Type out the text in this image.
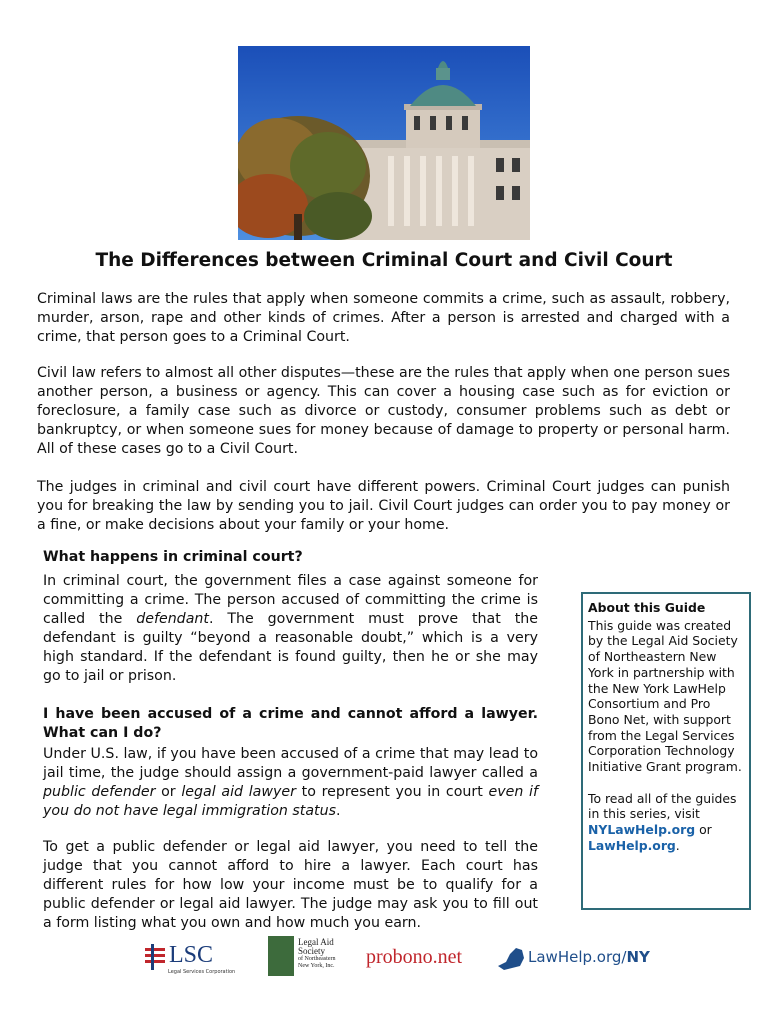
The Differences between Criminal Court and Civil Court

Criminal laws are the rules that apply when someone commits a crime, such as assault, robbery, murder, arson, rape and other kinds of crimes. After a person is arrested and charged with a crime, that person goes to a Criminal Court.

Civil law refers to almost all other disputes—these are the rules that apply when one person sues another person, a business or agency. This can cover a housing case such as for eviction or foreclosure, a family case such as divorce or custody, consumer problems such as debt or bankruptcy, or when someone sues for money because of damage to property or personal harm. All of these cases go to a Civil Court.

The judges in criminal and civil court have different powers. Criminal Court judges can punish you for breaking the law by sending you to jail. Civil Court judges can order you to pay money or a fine, or make decisions about your family or your home.

What happens in criminal court?

In criminal court, the government files a case against someone for committing a crime. The person accused of committing the crime is called the defendant. The government must prove that the defendant is guilty “beyond a reasonable doubt,” which is a very high standard. If the defendant is found guilty, then he or she may go to jail or prison.

I have been accused of a crime and cannot afford a lawyer. What can I do?

Under U.S. law, if you have been accused of a crime that may lead to jail time, the judge should assign a government-paid lawyer called a public defender or legal aid lawyer to represent you in court even if you do not have legal immigration status.

To get a public defender or legal aid lawyer, you need to tell the judge that you cannot afford to hire a lawyer. Each court has different rules for how low your income must be to qualify for a public defender or legal aid lawyer. The judge may ask you to fill out a form listing what you own and how much you earn.

About this Guide

This guide was created by the Legal Aid Society of Northeastern New York in partnership with the New York LawHelp Consortium and Pro Bono Net, with support from the Legal Services Corporation Technology Initiative Grant program.

To read all of the guides in this series, visit NYLawHelp.org or LawHelp.org.

LSC
Legal Services Corporation
Legal Aid
Society
of Northeastern
New York, Inc. probono.net	LawHelp.org/NY
